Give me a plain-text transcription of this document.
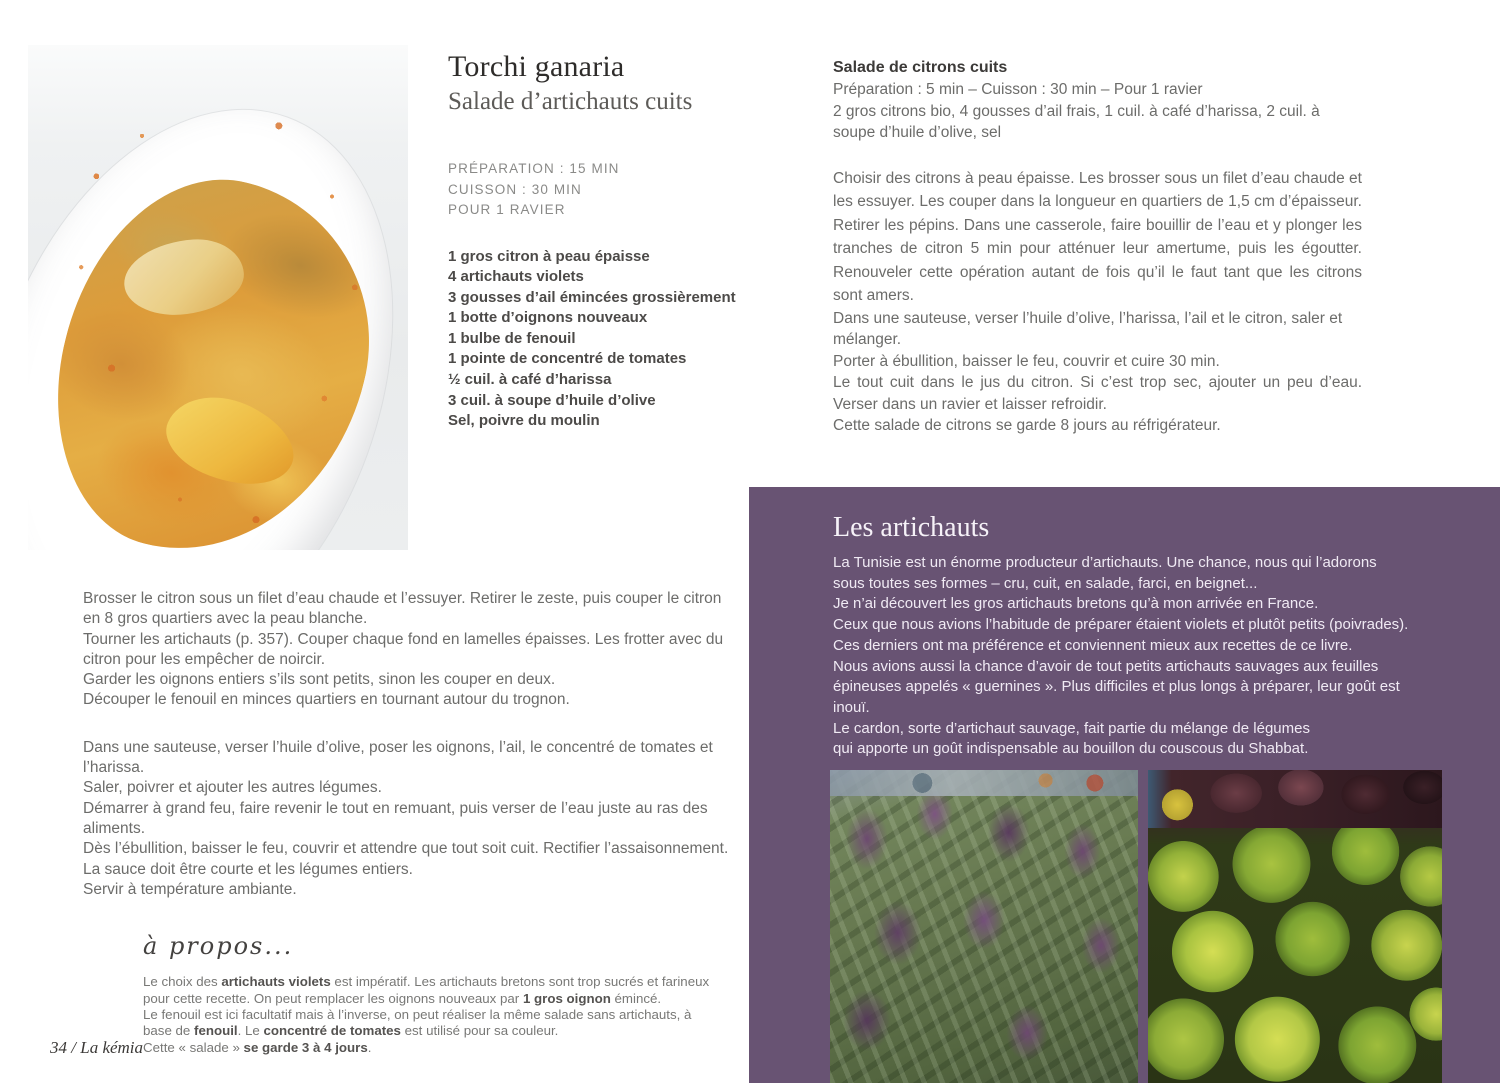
Torchi ganaria
Salade d’artichauts cuits
PRÉPARATION : 15 MIN
CUISSON : 30 MIN
POUR 1 RAVIER
1 gros citron à peau épaisse
4 artichauts violets
3 gousses d’ail émincées grossièrement
1 botte d’oignons nouveaux
1 bulbe de fenouil
1 pointe de concentré de tomates
½ cuil. à café d’harissa
3 cuil. à soupe d’huile d’olive
Sel, poivre du moulin
Salade de citrons cuits

Préparation : 5 min – Cuisson : 30 min – Pour 1 ravier

2 gros citrons bio, 4 gousses d’ail frais, 1 cuil. à café d’harissa, 2 cuil. à soupe d’huile d’olive, sel

Choisir des citrons à peau épaisse. Les brosser sous un filet d’eau chaude et les essuyer. Les couper dans la longueur en quartiers de 1,5 cm d’épaisseur. Retirer les pépins. Dans une casserole, faire bouillir de l’eau et y plonger les tranches de citron 5 min pour atténuer leur amertume, puis les égoutter. Renouveler cette opération autant de fois qu’il le faut tant que les citrons sont amers.

Dans une sauteuse, verser l’huile d’olive, l’harissa, l’ail et le citron, saler et mélanger.

Porter à ébullition, baisser le feu, couvrir et cuire 30 min.

Le tout cuit dans le jus du citron. Si c’est trop sec, ajouter un peu d’eau.

Verser dans un ravier et laisser refroidir.

Cette salade de citrons se garde 8 jours au réfrigérateur.

Brosser le citron sous un filet d’eau chaude et l’essuyer. Retirer le zeste, puis couper le citron en 8 gros quartiers avec la peau blanche.

Tourner les artichauts (p. 357). Couper chaque fond en lamelles épaisses. Les frotter avec du citron pour les empêcher de noircir.

Garder les oignons entiers s’ils sont petits, sinon les couper en deux.

Découper le fenouil en minces quartiers en tournant autour du trognon.

Dans une sauteuse, verser l’huile d’olive, poser les oignons, l’ail, le concentré de tomates et l’harissa.

Saler, poivrer et ajouter les autres légumes.

Démarrer à grand feu, faire revenir le tout en remuant, puis verser de l’eau juste au ras des aliments.

Dès l’ébullition, baisser le feu, couvrir et attendre que tout soit cuit. Rectifier l’assaisonnement.

La sauce doit être courte et les légumes entiers.

Servir à température ambiante.

à propos...

Le choix des artichauts violets est impératif. Les artichauts bretons sont trop sucrés et farineux pour cette recette. On peut remplacer les oignons nouveaux par 1 gros oignon émincé.

Le fenouil est ici facultatif mais à l’inverse, on peut réaliser la même salade sans artichauts, à base de fenouil. Le concentré de tomates est utilisé pour sa couleur.

Cette « salade » se garde 3 à 4 jours.

Les artichauts

La Tunisie est un énorme producteur d’artichauts. Une chance, nous qui l’adorons

sous toutes ses formes – cru, cuit, en salade, farci, en beignet...

Je n’ai découvert les gros artichauts bretons qu’à mon arrivée en France.

Ceux que nous avions l’habitude de préparer étaient violets et plutôt petits (poivrades).

Ces derniers ont ma préférence et conviennent mieux aux recettes de ce livre.

Nous avions aussi la chance d’avoir de tout petits artichauts sauvages aux feuilles

épineuses appelés « guernines ». Plus difficiles et plus longs à préparer, leur goût est inouï.

Le cardon, sorte d’artichaut sauvage, fait partie du mélange de légumes

qui apporte un goût indispensable au bouillon du couscous du Shabbat.

34 / La kémia
